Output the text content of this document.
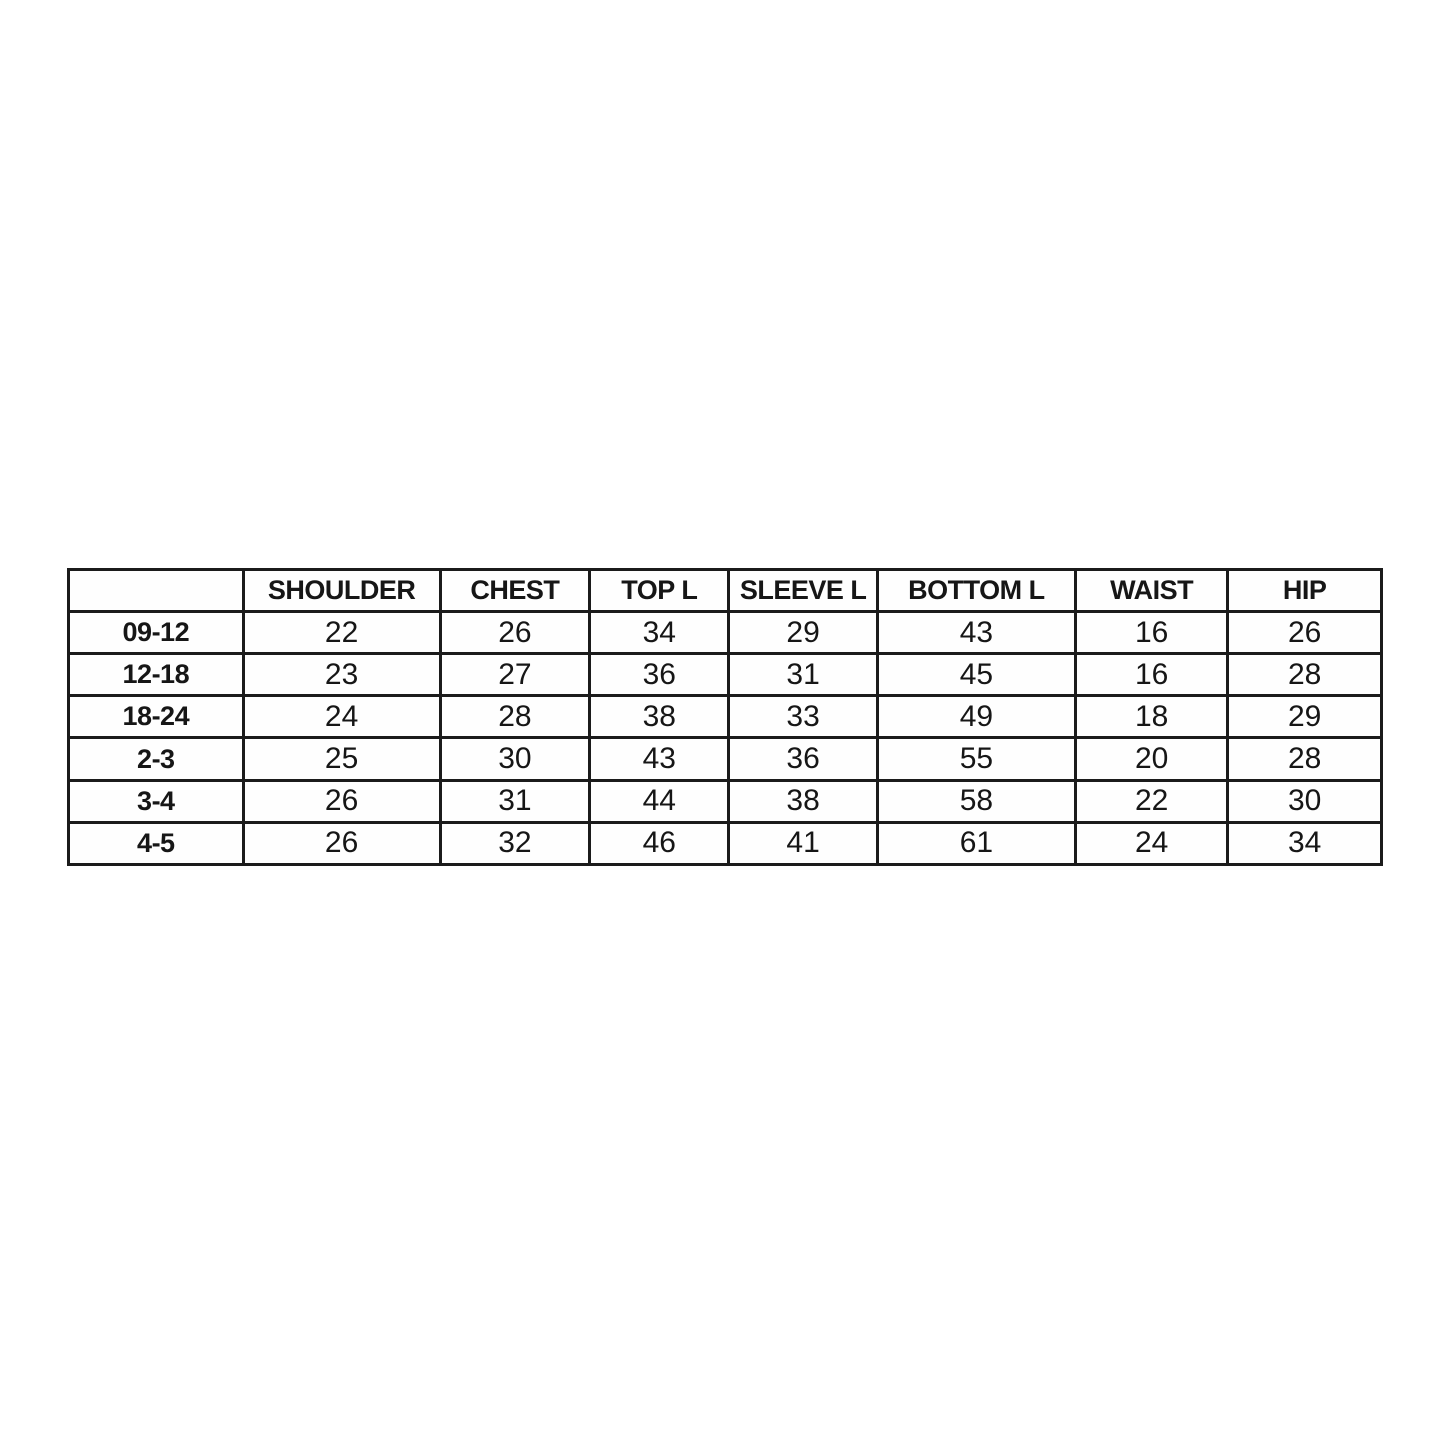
	SHOULDER	CHEST	TOP L	SLEEVE L	BOTTOM L	WAIST	HIP
09-12	22	26	34	29	43	16	26
12-18	23	27	36	31	45	16	28
18-24	24	28	38	33	49	18	29
2-3	25	30	43	36	55	20	28
3-4	26	31	44	38	58	22	30
4-5	26	32	46	41	61	24	34
